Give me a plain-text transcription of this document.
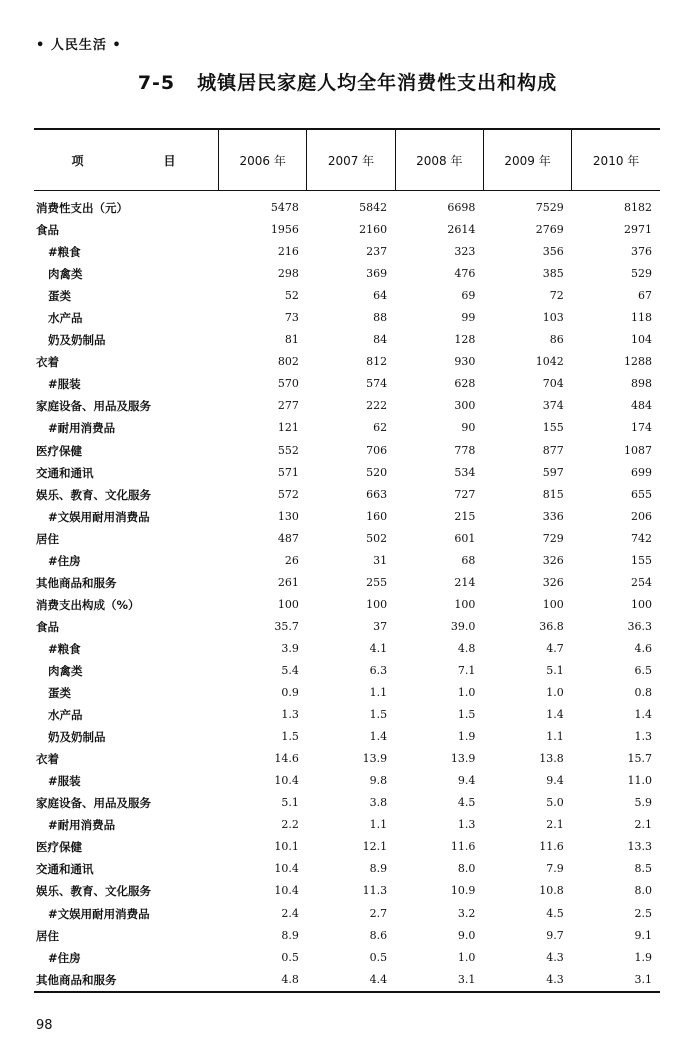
• 人民生活 •
7-5 城镇居民家庭人均全年消费性支出和构成
项　目	2006 年	2007 年	2008 年	2009 年	2010 年
消费性支出（元）	5478	5842	6698	7529	8182
食品	1956	2160	2614	2769	2971
#粮食	216	237	323	356	376
肉禽类	298	369	476	385	529
蛋类	52	64	69	72	67
水产品	73	88	99	103	118
奶及奶制品	81	84	128	86	104
衣着	802	812	930	1042	1288
#服装	570	574	628	704	898
家庭设备、用品及服务	277	222	300	374	484
#耐用消费品	121	62	90	155	174
医疗保健	552	706	778	877	1087
交通和通讯	571	520	534	597	699
娱乐、教育、文化服务	572	663	727	815	655
#文娱用耐用消费品	130	160	215	336	206
居住	487	502	601	729	742
#住房	26	31	68	326	155
其他商品和服务	261	255	214	326	254
消费支出构成（%）	100	100	100	100	100
食品	35.7	37	39.0	36.8	36.3
#粮食	3.9	4.1	4.8	4.7	4.6
肉禽类	5.4	6.3	7.1	5.1	6.5
蛋类	0.9	1.1	1.0	1.0	0.8
水产品	1.3	1.5	1.5	1.4	1.4
奶及奶制品	1.5	1.4	1.9	1.1	1.3
衣着	14.6	13.9	13.9	13.8	15.7
#服装	10.4	9.8	9.4	9.4	11.0
家庭设备、用品及服务	5.1	3.8	4.5	5.0	5.9
#耐用消费品	2.2	1.1	1.3	2.1	2.1
医疗保健	10.1	12.1	11.6	11.6	13.3
交通和通讯	10.4	8.9	8.0	7.9	8.5
娱乐、教育、文化服务	10.4	11.3	10.9	10.8	8.0
#文娱用耐用消费品	2.4	2.7	3.2	4.5	2.5
居住	8.9	8.6	9.0	9.7	9.1
#住房	0.5	0.5	1.0	4.3	1.9
其他商品和服务	4.8	4.4	3.1	4.3	3.1
98
